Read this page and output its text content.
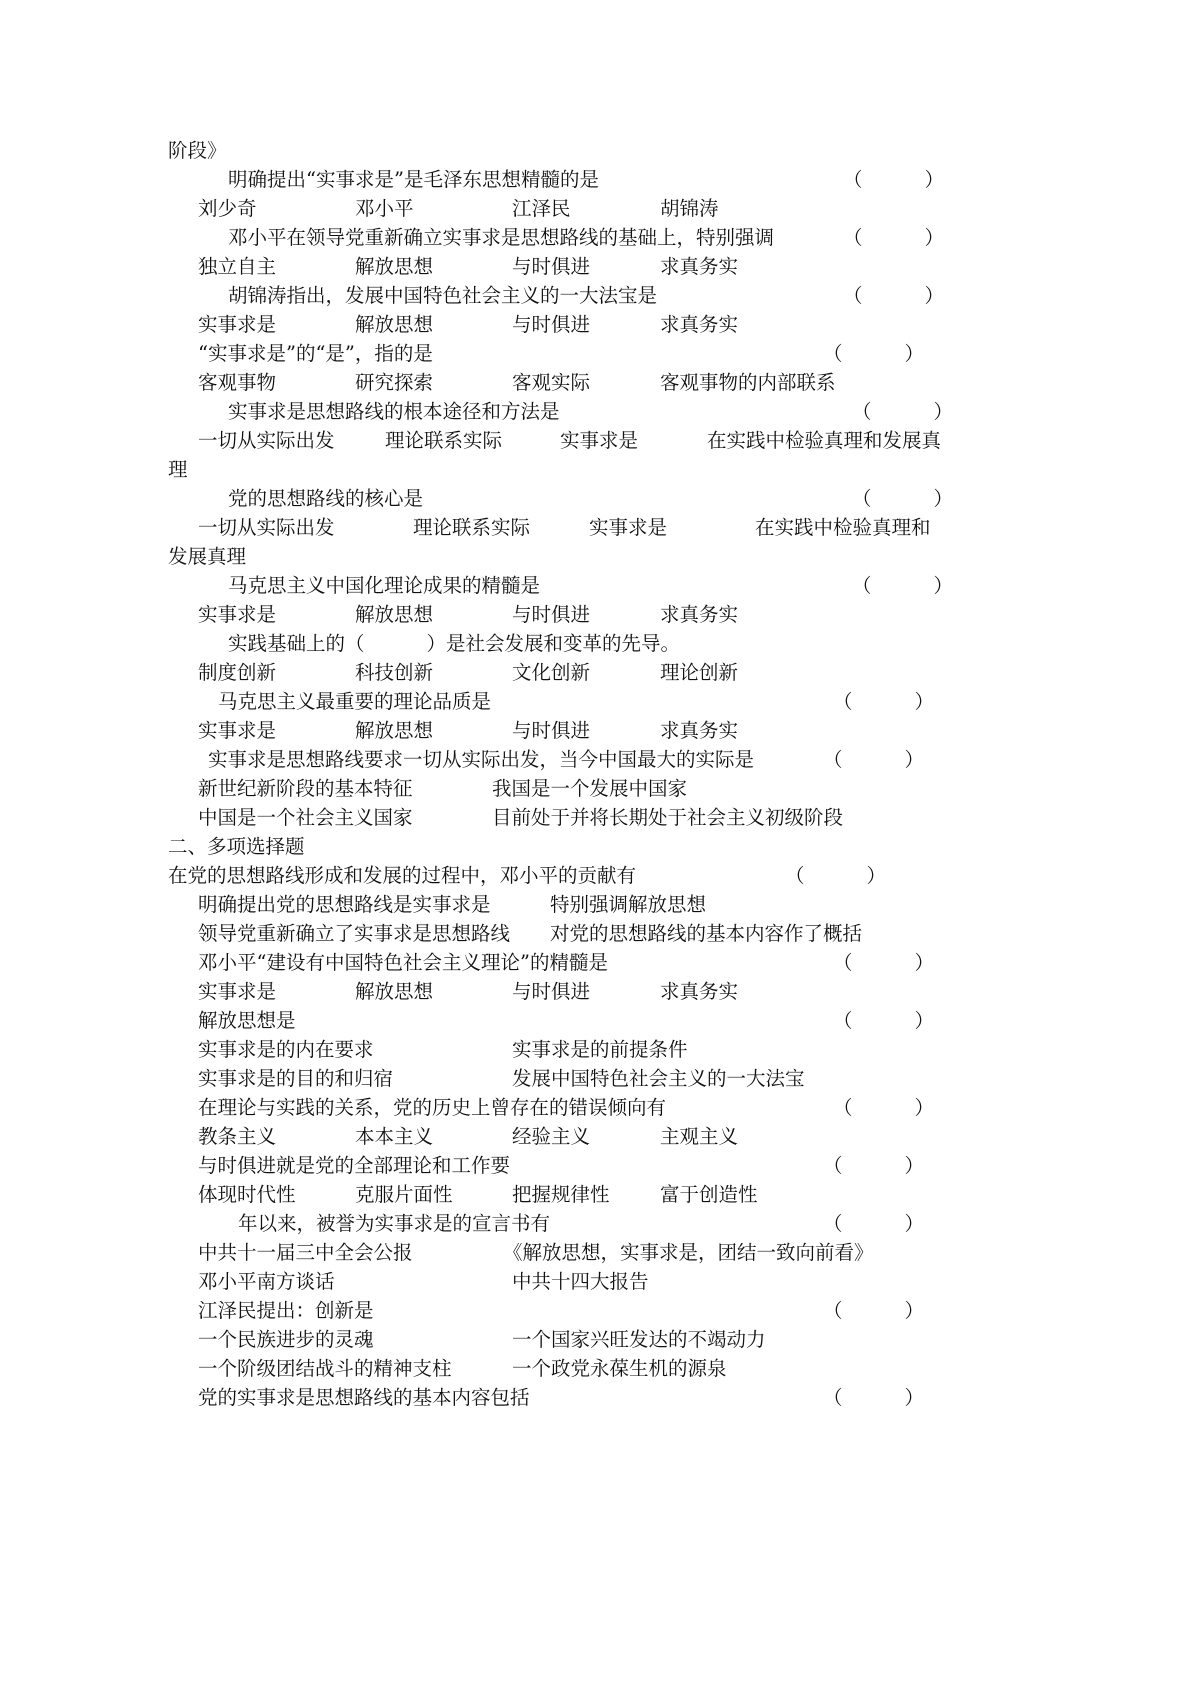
阶段》
明确提出“实事求是”是毛泽东思想精髓的是	（          ）
刘少奇	邓小平	江泽民	胡锦涛
邓小平在领导党重新确立实事求是思想路线的基础上，特别强调	（          ）
独立自主	解放思想	与时俱进	求真务实
胡锦涛指出，发展中国特色社会主义的一大法宝是	（          ）
实事求是	解放思想	与时俱进	求真务实
“实事求是”的“是”，指的是	（          ）
客观事物	研究探索	客观实际	客观事物的内部联系
实事求是思想路线的根本途径和方法是	（          ）
一切从实际出发	理论联系实际	实事求是	在实践中检验真理和发展真
理
党的思想路线的核心是	（          ）
一切从实际出发	理论联系实际	实事求是	在实践中检验真理和
发展真理
马克思主义中国化理论成果的精髓是	（          ）
实事求是	解放思想	与时俱进	求真务实
实践基础上的（          ）是社会发展和变革的先导。
制度创新	科技创新	文化创新	理论创新
马克思主义最重要的理论品质是	（          ）
实事求是	解放思想	与时俱进	求真务实
实事求是思想路线要求一切从实际出发，当今中国最大的实际是	（          ）
新世纪新阶段的基本特征	我国是一个发展中国家
中国是一个社会主义国家	目前处于并将长期处于社会主义初级阶段
二、多项选择题
在党的思想路线形成和发展的过程中，邓小平的贡献有	（          ）
明确提出党的思想路线是实事求是	特别强调解放思想
领导党重新确立了实事求是思想路线 对党的思想路线的基本内容作了概括
邓小平“建设有中国特色社会主义理论”的精髓是	（          ）
实事求是	解放思想	与时俱进	求真务实
解放思想是	（          ）
实事求是的内在要求	实事求是的前提条件
实事求是的目的和归宿	发展中国特色社会主义的一大法宝
在理论与实践的关系，党的历史上曾存在的错误倾向有	（          ）
教条主义	本本主义	经验主义	主观主义
与时俱进就是党的全部理论和工作要	（          ）
体现时代性	克服片面性	把握规律性	富于创造性
年以来，被誉为实事求是的宣言书有	（          ）
中共十一届三中全会公报	《解放思想，实事求是，团结一致向前看》
邓小平南方谈话	中共十四大报告
江泽民提出：创新是	（          ）
一个民族进步的灵魂	一个国家兴旺发达的不竭动力
一个阶级团结战斗的精神支柱	一个政党永葆生机的源泉
党的实事求是思想路线的基本内容包括	（          ）
